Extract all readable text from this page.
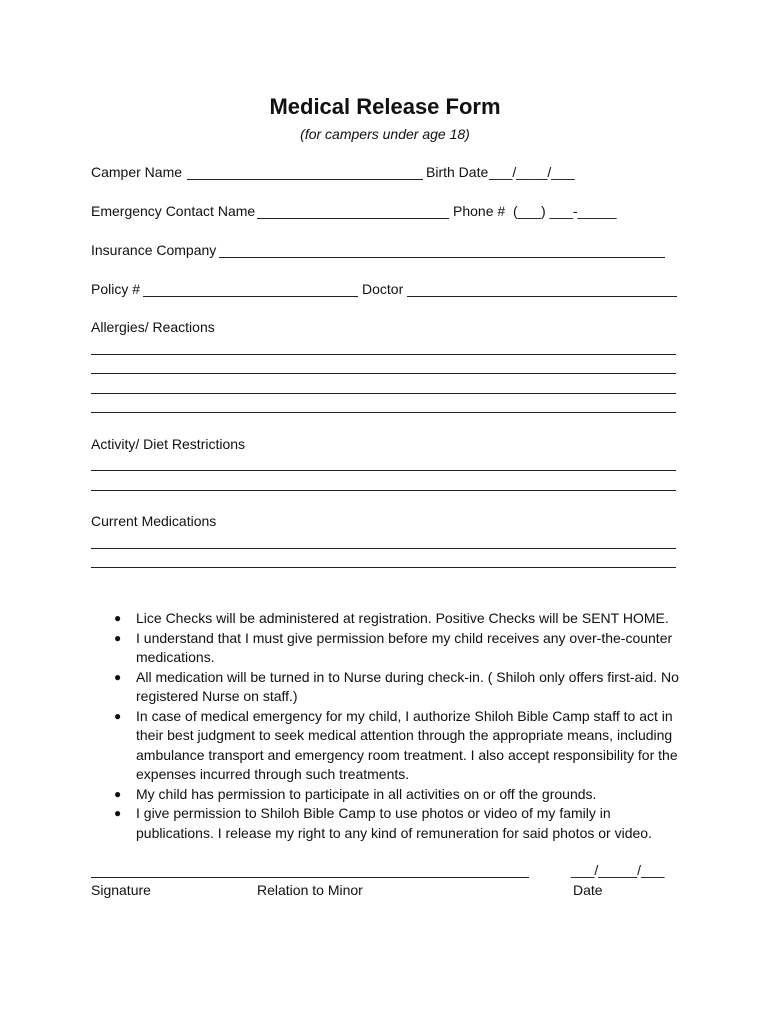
Medical Release Form
(for campers under age 18)
Camper Name	Birth Date ___/____/___
Emergency Contact Name	Phone # (___) ___-_____
Insurance Company
Policy #	Doctor
Allergies/ Reactions
Activity/ Diet Restrictions
Current Medications
● Lice Checks will be administered at registration. Positive Checks will be SENT HOME.
● I understand that I must give permission before my child receives any over-the-counter medications.
● All medication will be turned in to Nurse during check-in. ( Shiloh only offers first-aid. No registered Nurse on staff.)
● In case of medical emergency for my child, I authorize Shiloh Bible Camp staff to act in their best judgment to seek medical attention through the appropriate means, including ambulance transport and emergency room treatment. I also accept responsibility for the expenses incurred through such treatments.
● My child has permission to participate in all activities on or off the grounds.
● I give permission to Shiloh Bible Camp to use photos or video of my family in publications. I release my right to any kind of remuneration for said photos or video.
___/_____/___
Signature	Relation to Minor	Date
